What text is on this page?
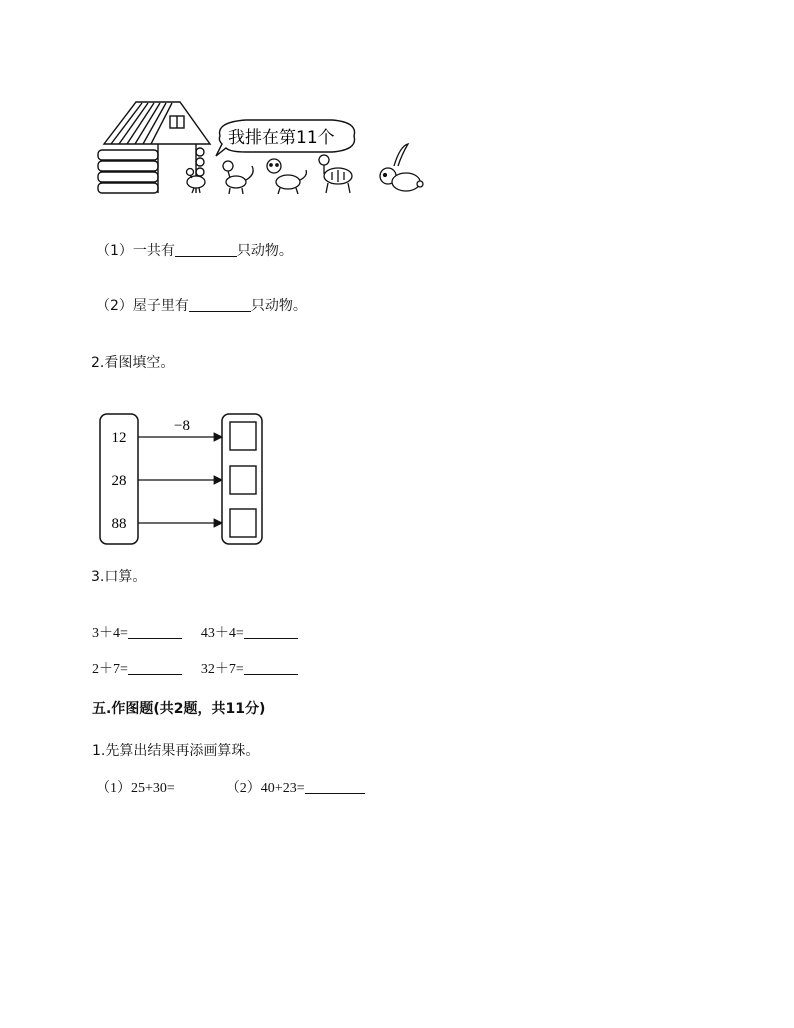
我排在第11个
（1）一共有	只动物。
（2）屋子里有	只动物。
2.看图填空。
12
28
88
−8
3.口算。
3＋4=	43＋4=
2＋7=	32＋7=
五.作图题(共2题，共11分)
1.先算出结果再添画算珠。
（1）25+30=	（2）40+23=
